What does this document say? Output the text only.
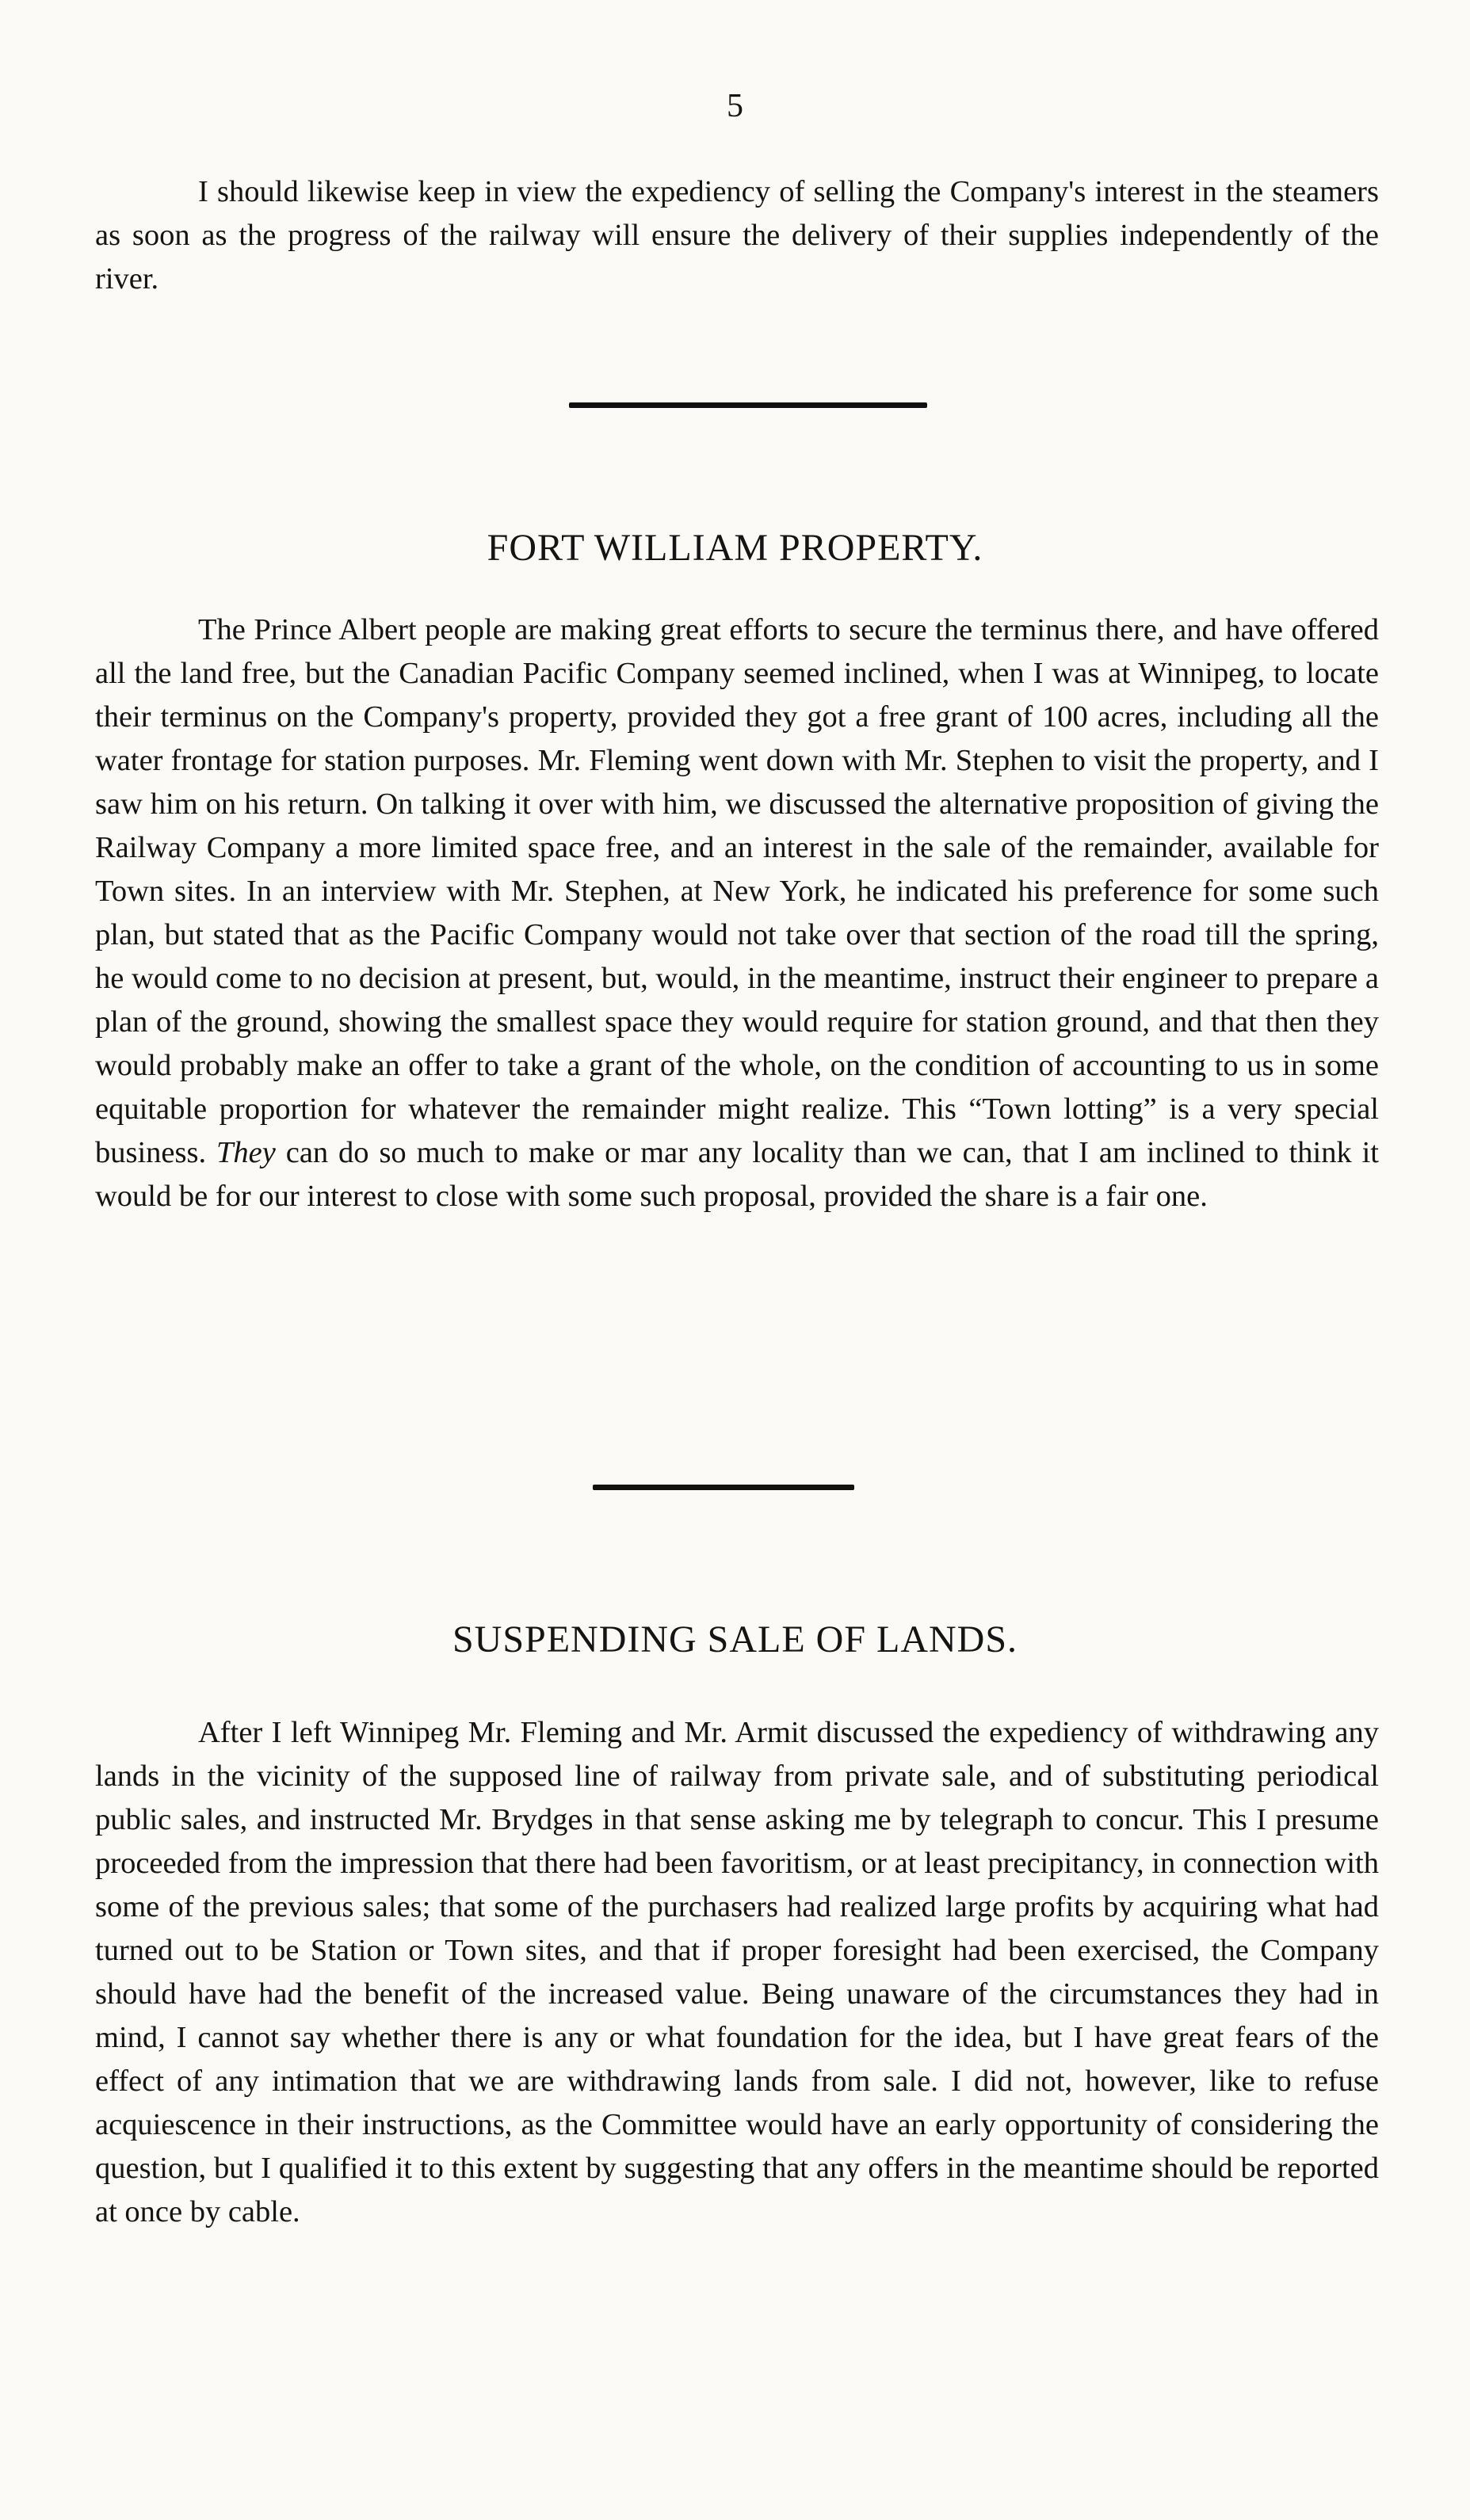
5

I should likewise keep in view the expediency of selling the Company's interest in the steamers as soon as the progress of the railway will ensure the delivery of their supplies independently of the river.

FORT WILLIAM PROPERTY.

The Prince Albert people are making great efforts to secure the terminus there, and have offered all the land free, but the Canadian Pacific Company seemed inclined, when I was at Winnipeg, to locate their terminus on the Company's property, provided they got a free grant of 100 acres, including all the water frontage for station purposes. Mr. Fleming went down with Mr. Stephen to visit the property, and I saw him on his return. On talking it over with him, we discussed the alternative proposition of giving the Railway Company a more limited space free, and an interest in the sale of the remainder, available for Town sites. In an interview with Mr. Stephen, at New York, he indicated his preference for some such plan, but stated that as the Pacific Company would not take over that section of the road till the spring, he would come to no decision at present, but, would, in the meantime, instruct their engineer to prepare a plan of the ground, showing the smallest space they would require for station ground, and that then they would probably make an offer to take a grant of the whole, on the condition of accounting to us in some equitable proportion for whatever the remainder might realize. This “Town lotting” is a very special business. They can do so much to make or mar any locality than we can, that I am inclined to think it would be for our interest to close with some such proposal, provided the share is a fair one.

SUSPENDING SALE OF LANDS.

After I left Winnipeg Mr. Fleming and Mr. Armit discussed the expediency of withdrawing any lands in the vicinity of the supposed line of railway from private sale, and of substituting periodical public sales, and instructed Mr. Brydges in that sense asking me by telegraph to concur. This I presume proceeded from the impression that there had been favoritism, or at least precipitancy, in connection with some of the previous sales; that some of the purchasers had realized large profits by acquiring what had turned out to be Station or Town sites, and that if proper foresight had been exercised, the Company should have had the benefit of the increased value. Being unaware of the circumstances they had in mind, I cannot say whether there is any or what foundation for the idea, but I have great fears of the effect of any intimation that we are withdrawing lands from sale. I did not, however, like to refuse acquiescence in their instructions, as the Committee would have an early opportunity of considering the question, but I qualified it to this extent by suggesting that any offers in the meantime should be reported at once by cable.
